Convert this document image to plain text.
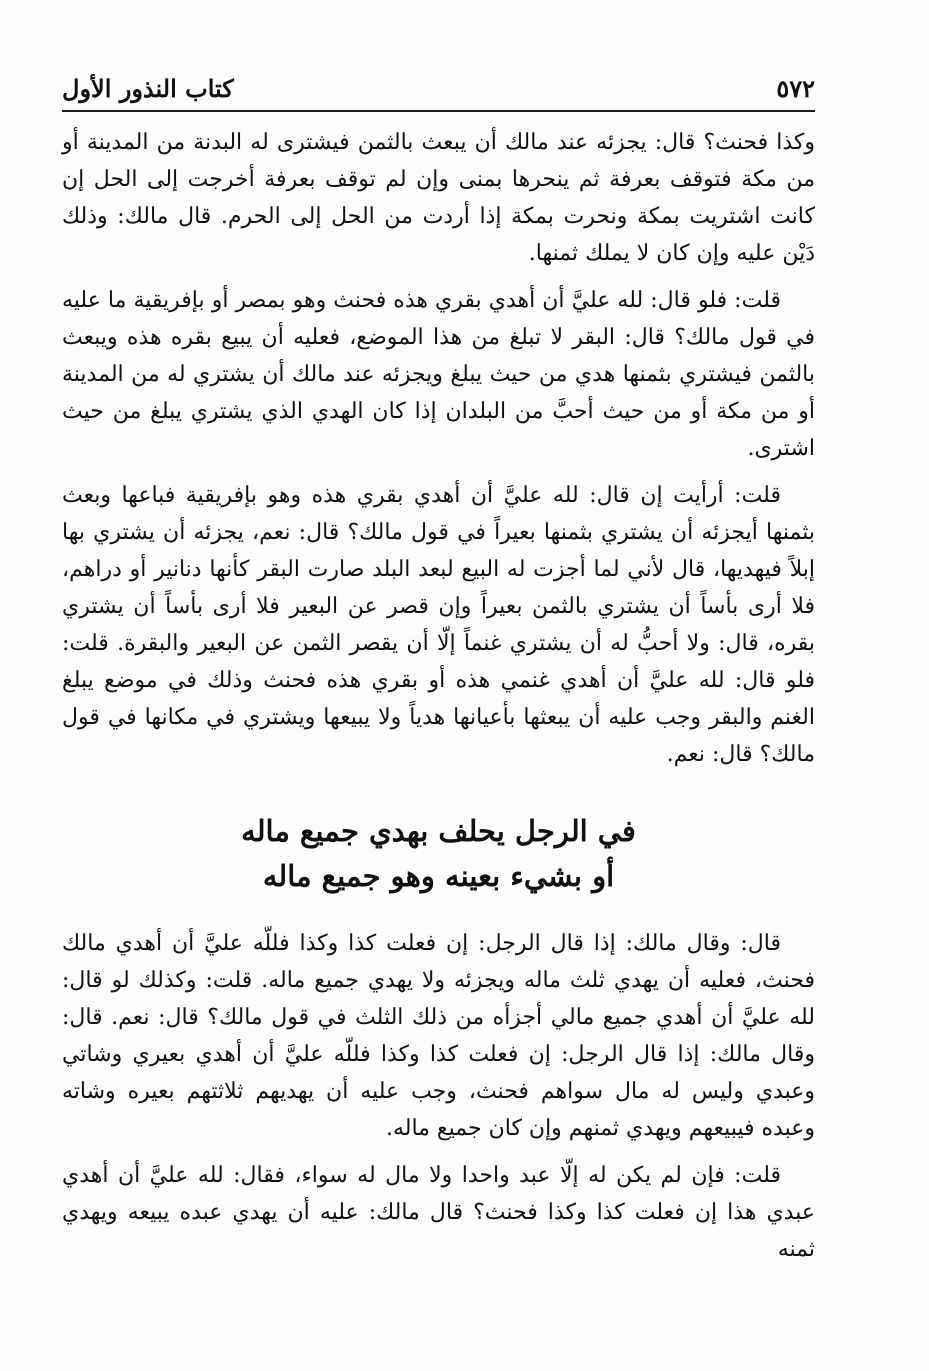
٥٧٢
كتاب النذور الأول

وكذا فحنث؟ قال: يجزئه عند مالك أن يبعث بالثمن فيشترى له البدنة من المدينة أو من مكة فتوقف بعرفة ثم ينحرها بمنى وإن لم توقف بعرفة أخرجت إلى الحل إن كانت اشتريت بمكة ونحرت بمكة إذا أردت من الحل إلى الحرم. قال مالك: وذلك دَيْن عليه وإن كان لا يملك ثمنها.

قلت: فلو قال: لله عليَّ أن أهدي بقري هذه فحنث وهو بمصر أو بإفريقية ما عليه في قول مالك؟ قال: البقر لا تبلغ من هذا الموضع، فعليه أن يبيع بقره هذه ويبعث بالثمن فيشتري بثمنها هدي من حيث يبلغ ويجزئه عند مالك أن يشتري له من المدينة أو من مكة أو من حيث أحبَّ من البلدان إذا كان الهدي الذي يشتري يبلغ من حيث اشترى.

قلت: أرأيت إن قال: لله عليَّ أن أهدي بقري هذه وهو بإفريقية فباعها وبعث بثمنها أيجزئه أن يشتري بثمنها بعيراً في قول مالك؟ قال: نعم، يجزئه أن يشتري بها إبلاً فيهديها، قال لأني لما أجزت له البيع لبعد البلد صارت البقر كأنها دنانير أو دراهم، فلا أرى بأساً أن يشتري بالثمن بعيراً وإن قصر عن البعير فلا أرى بأساً أن يشتري بقره، قال: ولا أحبُّ له أن يشتري غنماً إلّا أن يقصر الثمن عن البعير والبقرة. قلت: فلو قال: لله عليَّ أن أهدي غنمي هذه أو بقري هذه فحنث وذلك في موضع يبلغ الغنم والبقر وجب عليه أن يبعثها بأعيانها هدياً ولا يبيعها ويشتري في مكانها في قول مالك؟ قال: نعم.

في الرجل يحلف بهدي جميع ماله
أو بشيء بعينه وهو جميع ماله

قال: وقال مالك: إذا قال الرجل: إن فعلت كذا وكذا فللّه عليَّ أن أهدي مالك فحنث، فعليه أن يهدي ثلث ماله ويجزئه ولا يهدي جميع ماله. قلت: وكذلك لو قال: لله عليَّ أن أهدي جميع مالي أجزأه من ذلك الثلث في قول مالك؟ قال: نعم. قال: وقال مالك: إذا قال الرجل: إن فعلت كذا وكذا فللّه عليَّ أن أهدي بعيري وشاتي وعبدي وليس له مال سواهم فحنث، وجب عليه أن يهديهم ثلاثتهم بعيره وشاته وعبده فيبيعهم ويهدي ثمنهم وإن كان جميع ماله.

قلت: فإن لم يكن له إلّا عبد واحدا ولا مال له سواء، فقال: لله عليَّ أن أهدي عبدي هذا إن فعلت كذا وكذا فحنث؟ قال مالك: عليه أن يهدي عبده يبيعه ويهدي ثمنه
